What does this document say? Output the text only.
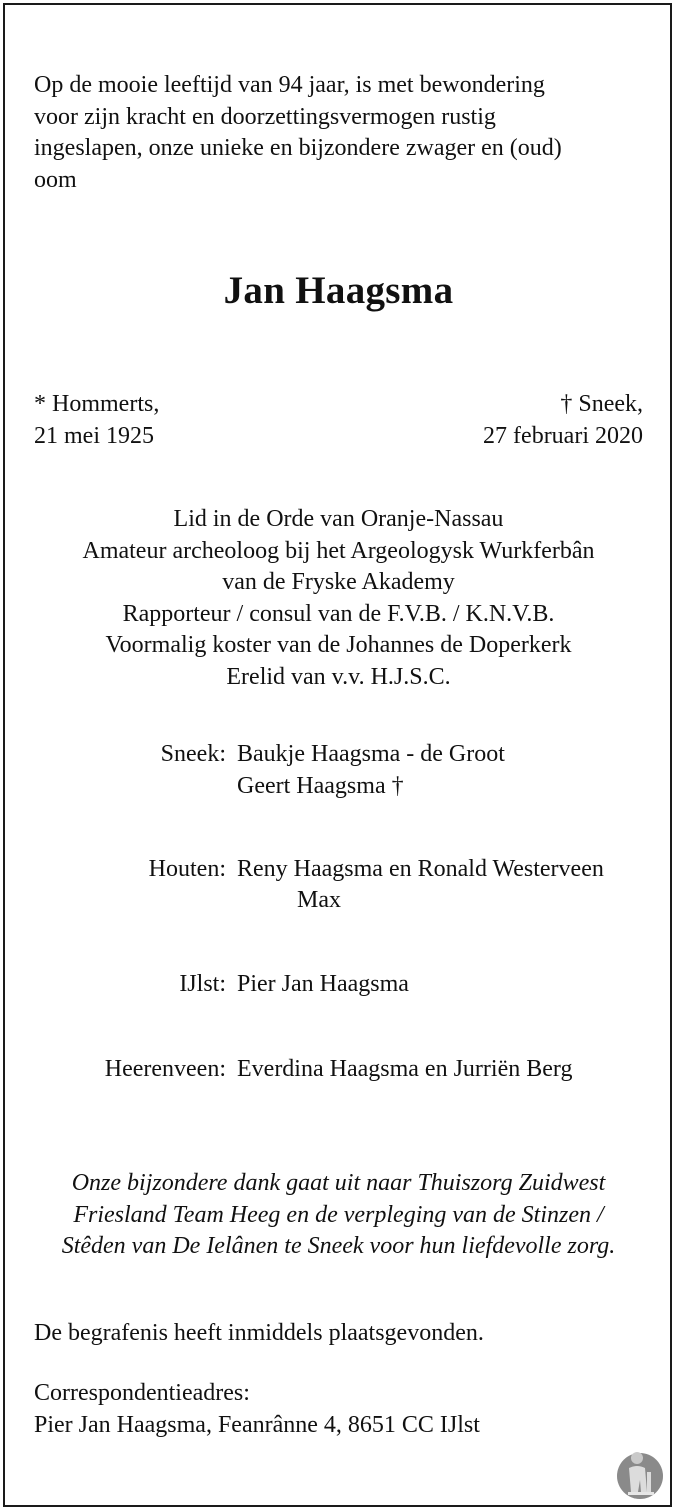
Op de mooie leeftijd van 94 jaar, is met bewondering
voor zijn kracht en doorzettingsvermogen rustig
ingeslapen, onze unieke en bijzondere zwager en (oud)
oom
Jan Haagsma
* Hommerts,
21 mei 1925
† Sneek,
27 februari 2020
Lid in de Orde van Oranje-Nassau
Amateur archeoloog bij het Argeologysk Wurkferbân
van de Fryske Akademy
Rapporteur / consul van de F.V.B. / K.N.V.B.
Voormalig koster van de Johannes de Doperkerk
Erelid van v.v. H.J.S.C.
Sneek: Baukje Haagsma - de Groot
Geert Haagsma †
Houten: Reny Haagsma en Ronald Westerveen
Max
IJlst: Pier Jan Haagsma
Heerenveen: Everdina Haagsma en Jurriën Berg
Onze bijzondere dank gaat uit naar Thuiszorg Zuidwest
Friesland Team Heeg en de verpleging van de Stinzen /
Stêden van De Ielânen te Sneek voor hun liefdevolle zorg.
De begrafenis heeft inmiddels plaatsgevonden.
Correspondentieadres:
Pier Jan Haagsma, Feanrânne 4, 8651 CC IJlst
